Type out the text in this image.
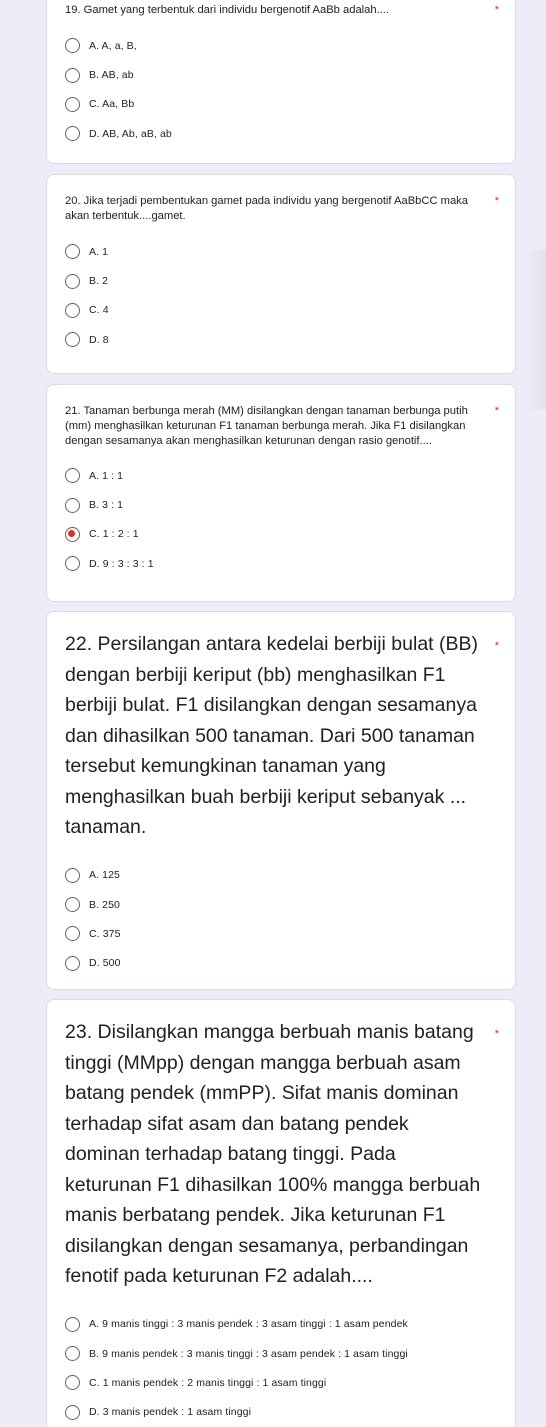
19. Gamet yang terbentuk dari individu bergenotif AaBb adalah....	*
A. A, a, B,
B. AB, ab
C. Aa, Bb
D. AB, Ab, aB, ab
20. Jika terjadi pembentukan gamet pada individu yang bergenotif AaBbCC maka akan terbentuk....gamet.
*
A. 1
B. 2
C. 4
D. 8
21. Tanaman berbunga merah (MM) disilangkan dengan tanaman berbunga putih (mm) menghasilkan keturunan F1 tanaman berbunga merah. Jika F1 disilangkan dengan sesamanya akan menghasilkan keturunan dengan rasio genotif....
*
A. 1 : 1
B. 3 : 1
C. 1 : 2 : 1
D. 9 : 3 : 3 : 1
22. Persilangan antara kedelai berbiji bulat (BB) dengan berbiji keriput (bb) menghasilkan F1 berbiji bulat. F1 disilangkan dengan sesamanya dan dihasilkan 500 tanaman. Dari 500 tanaman tersebut kemungkinan tanaman yang menghasilkan buah berbiji keriput sebanyak ... tanaman.
*
A. 125
B. 250
C. 375
D. 500
23. Disilangkan mangga berbuah manis batang tinggi (MMpp) dengan mangga berbuah asam batang pendek (mmPP). Sifat manis dominan terhadap sifat asam dan batang pendek dominan terhadap batang tinggi. Pada keturunan F1 dihasilkan 100% mangga berbuah manis berbatang pendek. Jika keturunan F1 disilangkan dengan sesamanya, perbandingan fenotif pada keturunan F2 adalah....
*
A. 9 manis tinggi : 3 manis pendek : 3 asam tinggi : 1 asam pendek
B. 9 manis pendek : 3 manis tinggi : 3 asam pendek : 1 asam tinggi
C. 1 manis pendek : 2 manis tinggi : 1 asam tinggi
D. 3 manis pendek : 1 asam tinggi
